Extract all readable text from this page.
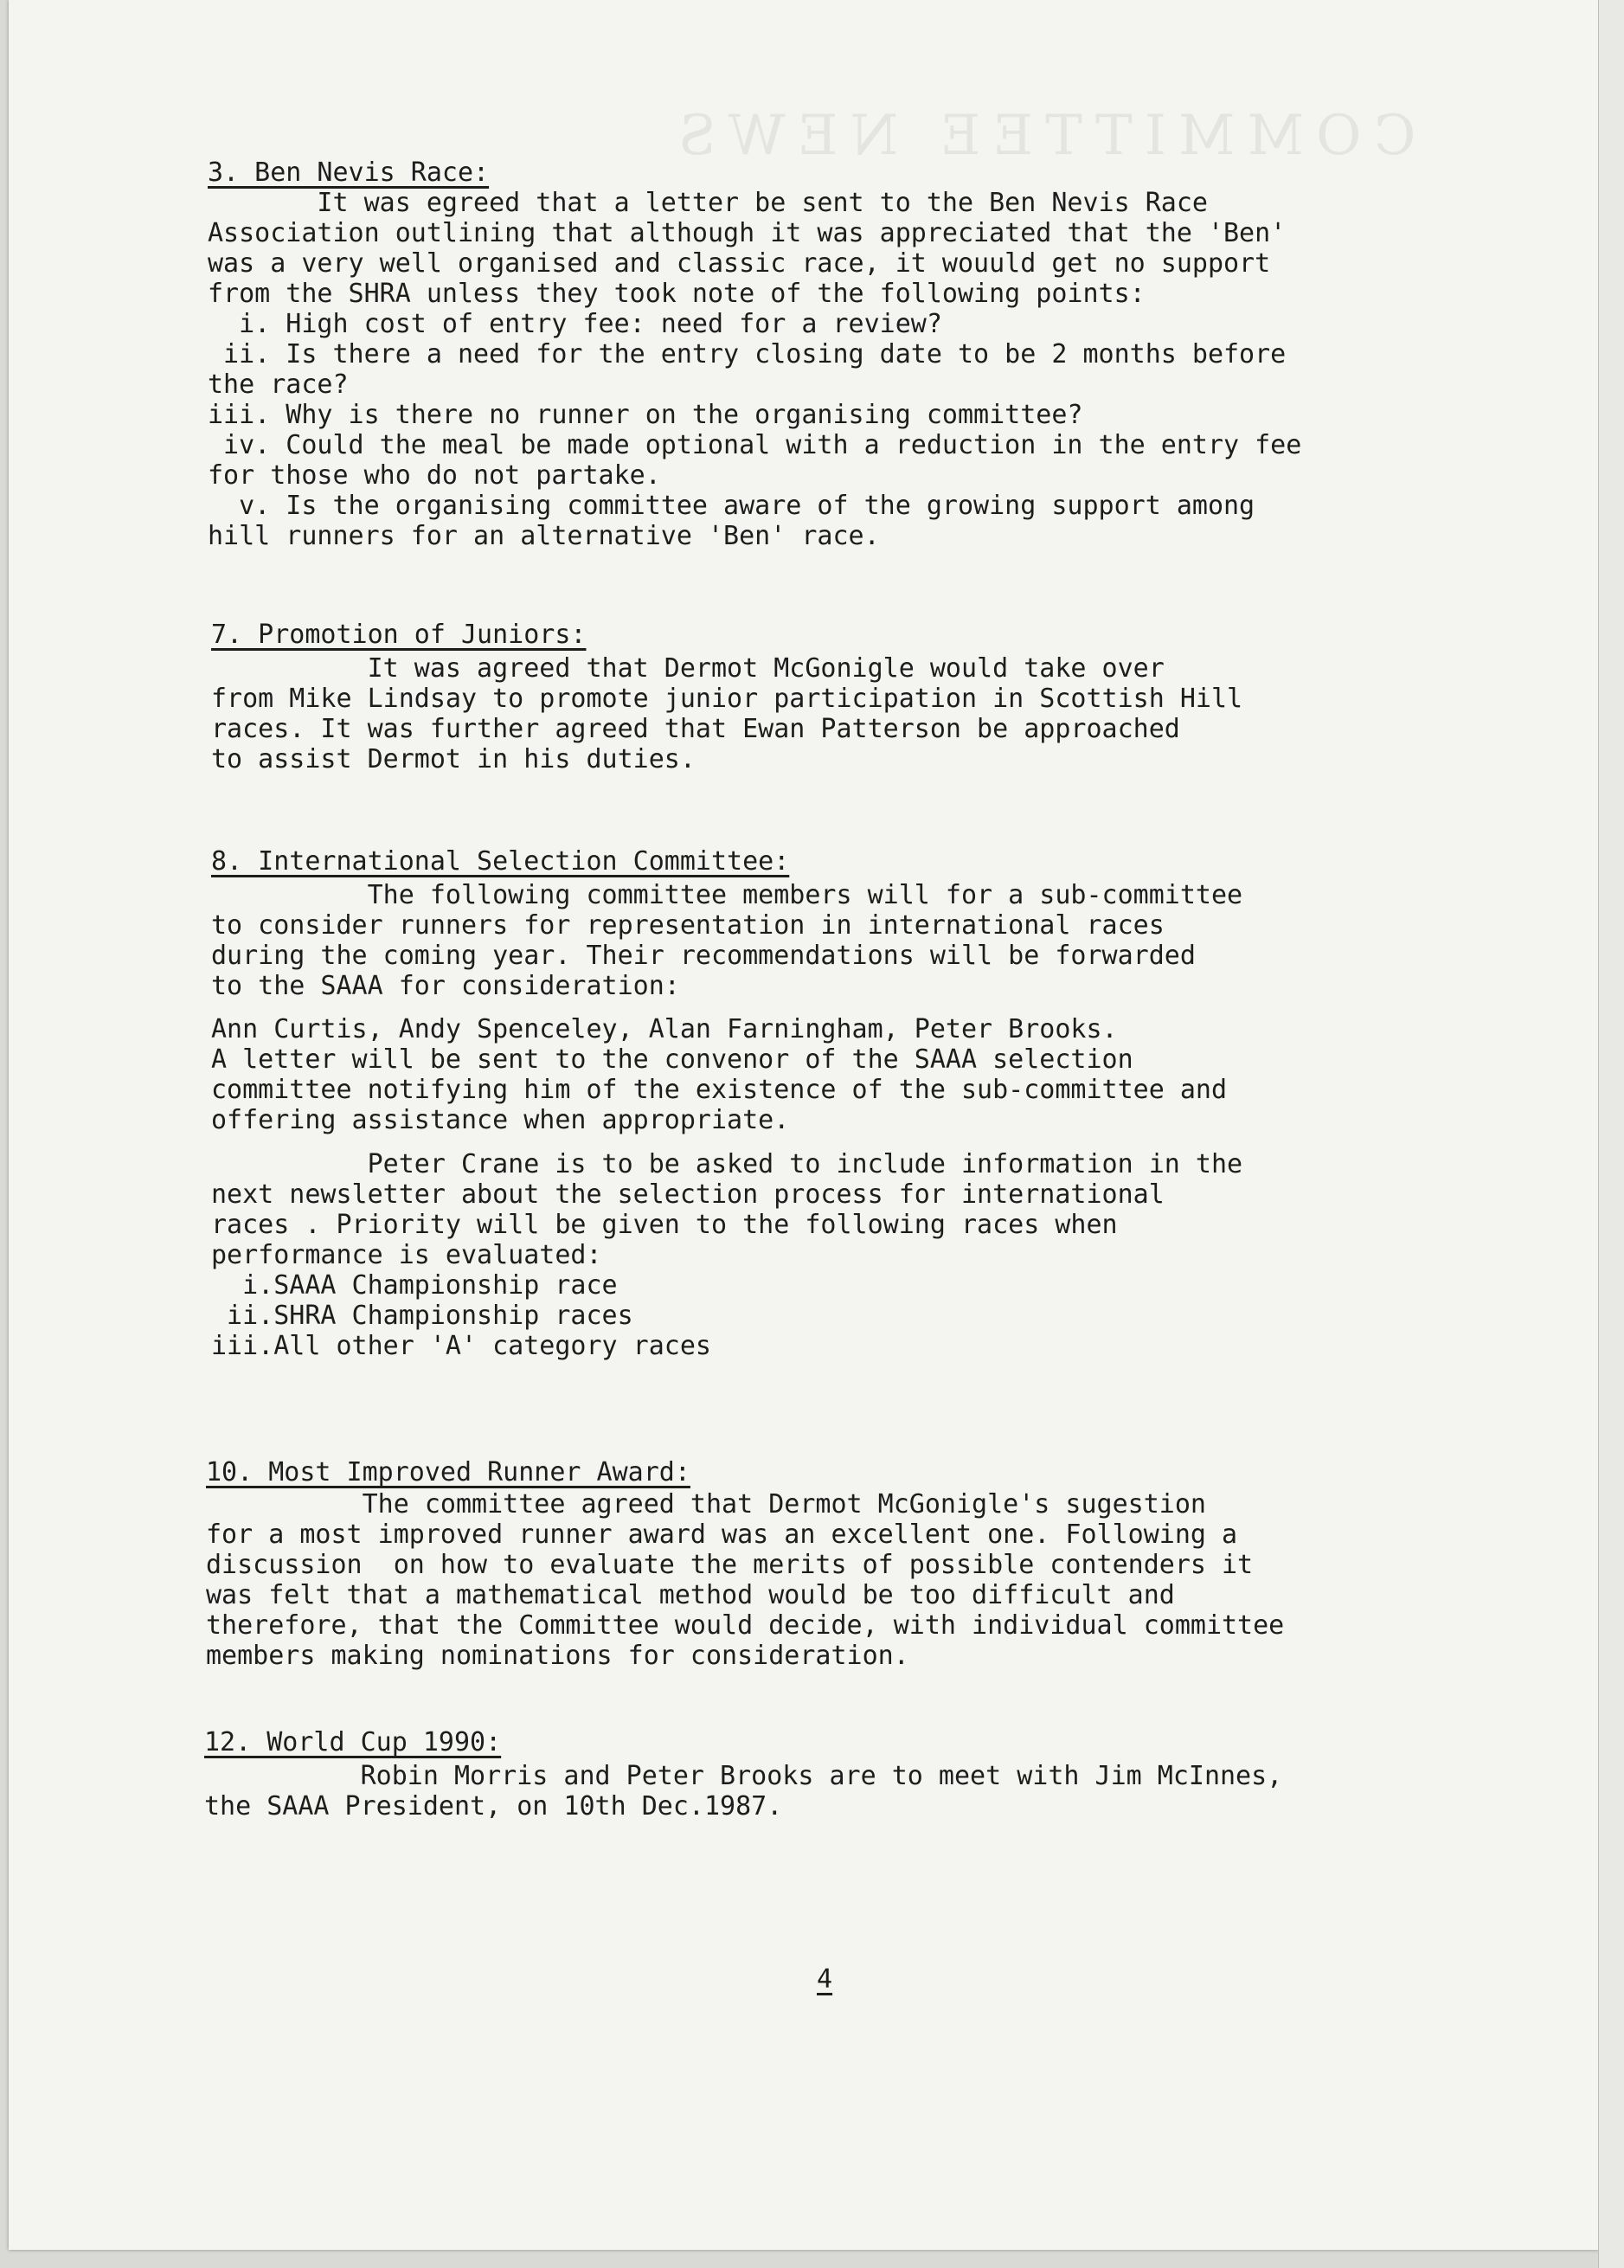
COMMITTEE NEWS
3. Ben Nevis Race:
It was egreed that a letter be sent to the Ben Nevis Race
Association outlining that although it was appreciated that the 'Ben'
was a very well organised and classic race, it wouuld get no support
from the SHRA unless they took note of the following points:
i. High cost of entry fee: need for a review?
ii. Is there a need for the entry closing date to be 2 months before
the race?
iii. Why is there no runner on the organising committee?
iv. Could the meal be made optional with a reduction in the entry fee
for those who do not partake.
v. Is the organising committee aware of the growing support among
hill runners for an alternative 'Ben' race.
7. Promotion of Juniors:
It was agreed that Dermot McGonigle would take over
from Mike Lindsay to promote junior participation in Scottish Hill
races. It was further agreed that Ewan Patterson be approached
to assist Dermot in his duties.
8. International Selection Committee:
The following committee members will for a sub-committee
to consider runners for representation in international races
during the coming year. Their recommendations will be forwarded
to the SAAA for consideration:
Ann Curtis, Andy Spenceley, Alan Farningham, Peter Brooks.
A letter will be sent to the convenor of the SAAA selection
committee notifying him of the existence of the sub-committee and
offering assistance when appropriate.
Peter Crane is to be asked to include information in the
next newsletter about the selection process for international
races . Priority will be given to the following races when
performance is evaluated:
i.SAAA Championship race
ii.SHRA Championship races
iii.All other 'A' category races
10. Most Improved Runner Award:
The committee agreed that Dermot McGonigle's sugestion
for a most improved runner award was an excellent one. Following a
discussion  on how to evaluate the merits of possible contenders it
was felt that a mathematical method would be too difficult and
therefore, that the Committee would decide, with individual committee
members making nominations for consideration.
12. World Cup 1990:
Robin Morris and Peter Brooks are to meet with Jim McInnes,
the SAAA President, on 10th Dec.1987.
4
